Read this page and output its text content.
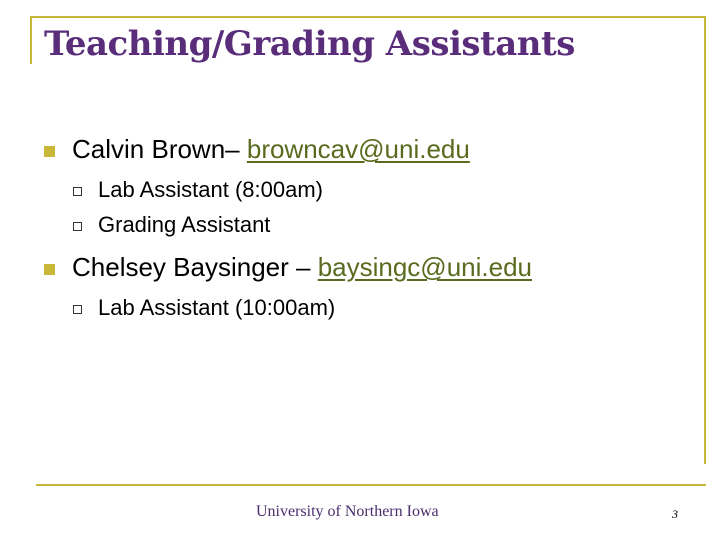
Teaching/Grading Assistants
Calvin Brown– browncav@uni.edu
Lab Assistant (8:00am)
Grading Assistant
Chelsey Baysinger – baysingc@uni.edu
Lab Assistant (10:00am)
University of Northern Iowa	3
